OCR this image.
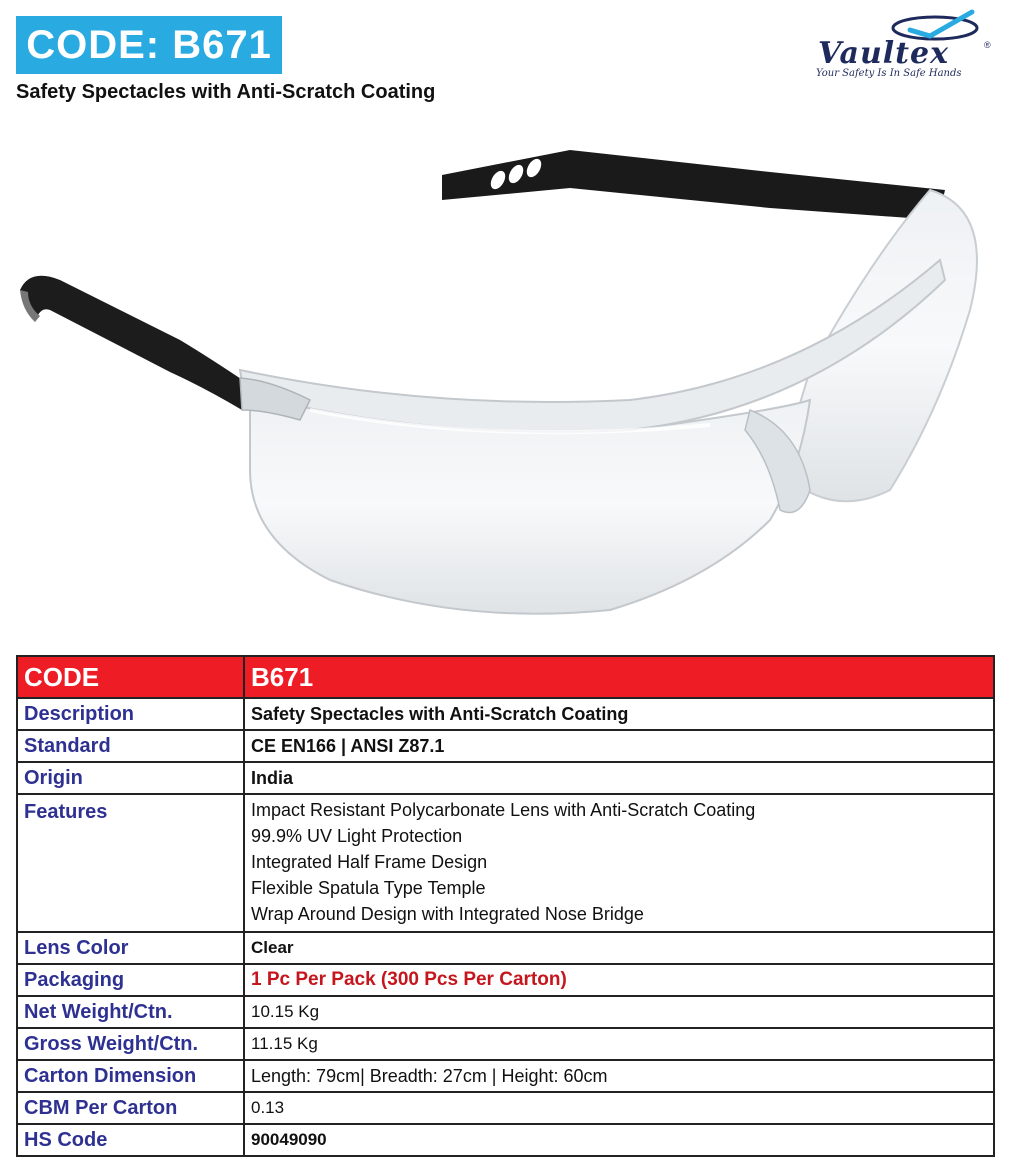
CODE: B671
Safety Spectacles with Anti-Scratch Coating
Vaultex	®
Your Safety Is In Safe Hands
CODE	B671
Description	Safety Spectacles with Anti-Scratch Coating
Standard	CE EN166 | ANSI Z87.1
Origin	India
Features	Impact Resistant Polycarbonate Lens with Anti-Scratch Coating
99.9% UV Light Protection
Integrated Half Frame Design
Flexible Spatula Type Temple
Wrap Around Design with Integrated Nose Bridge

Lens Color	Clear
Packaging	1 Pc Per Pack (300 Pcs Per Carton)
Net Weight/Ctn.	10.15 Kg
Gross Weight/Ctn.	11.15 Kg
Carton Dimension	Length: 79cm| Breadth: 27cm | Height: 60cm
CBM Per Carton	0.13
HS Code	90049090
